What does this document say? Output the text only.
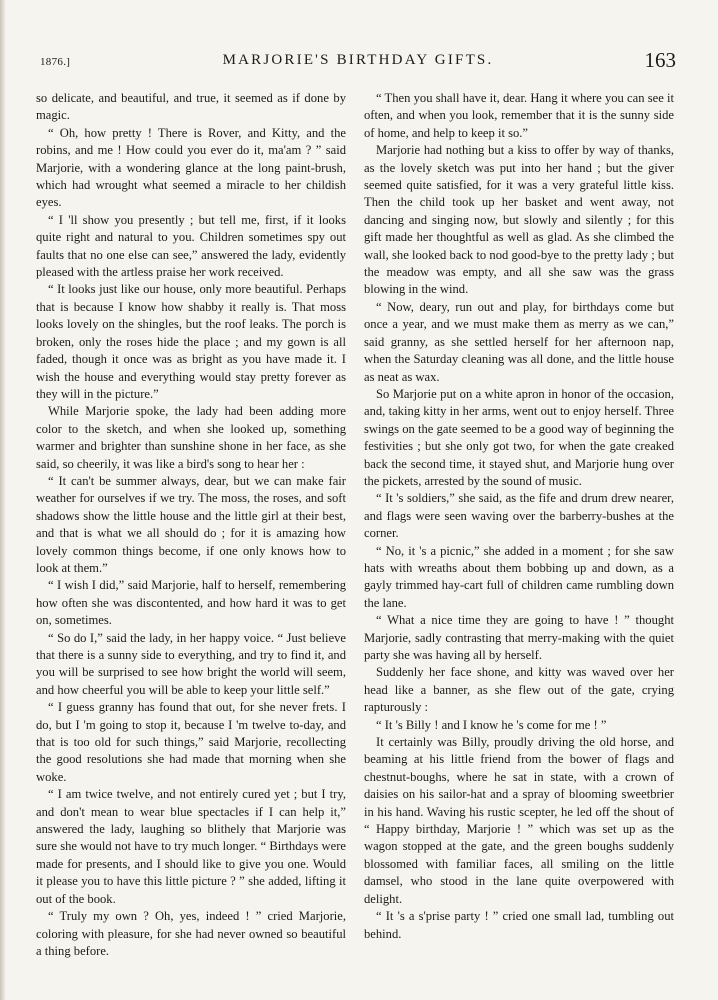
1876.]	MARJORIE'S BIRTHDAY GIFTS.	163

so delicate, and beautiful, and true, it seemed as if done by magic.

“ Oh, how pretty ! There is Rover, and Kitty, and the robins, and me ! How could you ever do it, ma'am ? ” said Marjorie, with a wondering glance at the long paint-brush, which had wrought what seemed a miracle to her childish eyes.

“ I 'll show you presently ; but tell me, first, if it looks quite right and natural to you. Children sometimes spy out faults that no one else can see,” answered the lady, evidently pleased with the artless praise her work received.

“ It looks just like our house, only more beautiful. Perhaps that is because I know how shabby it really is. That moss looks lovely on the shingles, but the roof leaks. The porch is broken, only the roses hide the place ; and my gown is all faded, though it once was as bright as you have made it. I wish the house and everything would stay pretty forever as they will in the picture.”

While Marjorie spoke, the lady had been adding more color to the sketch, and when she looked up, something warmer and brighter than sunshine shone in her face, as she said, so cheerily, it was like a bird's song to hear her :

“ It can't be summer always, dear, but we can make fair weather for ourselves if we try. The moss, the roses, and soft shadows show the little house and the little girl at their best, and that is what we all should do ; for it is amazing how lovely common things become, if one only knows how to look at them.”

“ I wish I did,” said Marjorie, half to herself, remembering how often she was discontented, and how hard it was to get on, sometimes.

“ So do I,” said the lady, in her happy voice. “ Just believe that there is a sunny side to everything, and try to find it, and you will be surprised to see how bright the world will seem, and how cheerful you will be able to keep your little self.”

“ I guess granny has found that out, for she never frets. I do, but I 'm going to stop it, because I 'm twelve to-day, and that is too old for such things,” said Marjorie, recollecting the good resolutions she had made that morning when she woke.

“ I am twice twelve, and not entirely cured yet ; but I try, and don't mean to wear blue spectacles if I can help it,” answered the lady, laughing so blithely that Marjorie was sure she would not have to try much longer. “ Birthdays were made for presents, and I should like to give you one. Would it please you to have this little picture ? ” she added, lifting it out of the book.

“ Truly my own ? Oh, yes, indeed ! ” cried Marjorie, coloring with pleasure, for she had never owned so beautiful a thing before.

“ Then you shall have it, dear. Hang it where you can see it often, and when you look, remember that it is the sunny side of home, and help to keep it so.”

Marjorie had nothing but a kiss to offer by way of thanks, as the lovely sketch was put into her hand ; but the giver seemed quite satisfied, for it was a very grateful little kiss. Then the child took up her basket and went away, not dancing and singing now, but slowly and silently ; for this gift made her thoughtful as well as glad. As she climbed the wall, she looked back to nod good-bye to the pretty lady ; but the meadow was empty, and all she saw was the grass blowing in the wind.

“ Now, deary, run out and play, for birthdays come but once a year, and we must make them as merry as we can,” said granny, as she settled herself for her afternoon nap, when the Saturday cleaning was all done, and the little house as neat as wax.

So Marjorie put on a white apron in honor of the occasion, and, taking kitty in her arms, went out to enjoy herself. Three swings on the gate seemed to be a good way of beginning the festivities ; but she only got two, for when the gate creaked back the second time, it stayed shut, and Marjorie hung over the pickets, arrested by the sound of music.

“ It 's soldiers,” she said, as the fife and drum drew nearer, and flags were seen waving over the barberry-bushes at the corner.

“ No, it 's a picnic,” she added in a moment ; for she saw hats with wreaths about them bobbing up and down, as a gayly trimmed hay-cart full of children came rumbling down the lane.

“ What a nice time they are going to have ! ” thought Marjorie, sadly contrasting that merry-making with the quiet party she was having all by herself.

Suddenly her face shone, and kitty was waved over her head like a banner, as she flew out of the gate, crying rapturously :

“ It 's Billy ! and I know he 's come for me ! ”

It certainly was Billy, proudly driving the old horse, and beaming at his little friend from the bower of flags and chestnut-boughs, where he sat in state, with a crown of daisies on his sailor-hat and a spray of blooming sweetbrier in his hand. Waving his rustic scepter, he led off the shout of “ Happy birthday, Marjorie ! ” which was set up as the wagon stopped at the gate, and the green boughs suddenly blossomed with familiar faces, all smiling on the little damsel, who stood in the lane quite overpowered with delight.

“ It 's a s'prise party ! ” cried one small lad, tumbling out behind.
